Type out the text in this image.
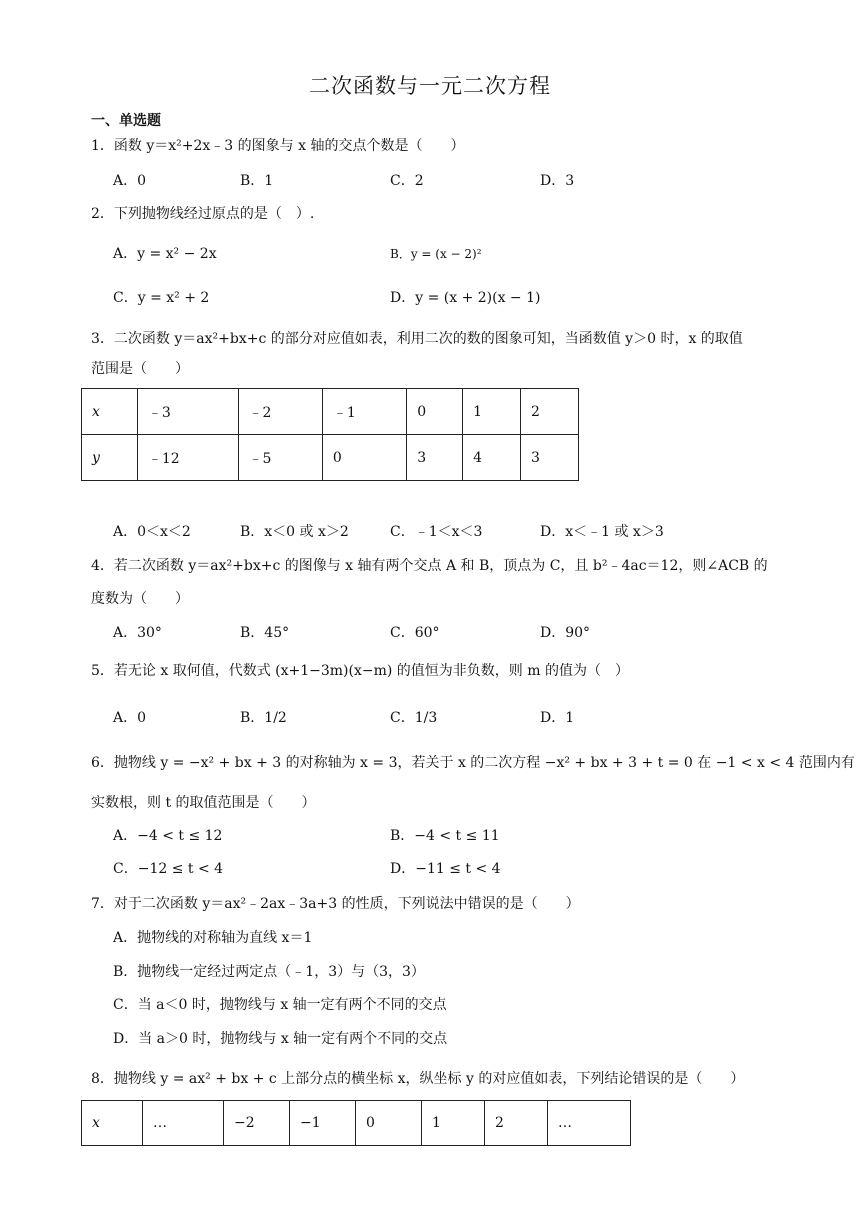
二次函数与一元二次方程
一、单选题
1．函数 y＝x²+2x﹣3 的图象与 x 轴的交点个数是（　　）
A．0	B．1	C．2	D．3
2．下列抛物线经过原点的是（　）.
A．y = x² − 2x	B．y = (x − 2)²
C．y = x² + 2	D．y = (x + 2)(x − 1)
3．二次函数 y＝ax²+bx+c 的部分对应值如表，利用二次的数的图象可知，当函数值 y＞0 时，x 的取值
范围是（　　）
x	﹣3	﹣2	﹣1	0	1	2
y	﹣12	﹣5	0	3	4	3
A．0＜x＜2	B．x＜0 或 x＞2	C．﹣1＜x＜3	D．x＜﹣1 或 x＞3
4．若二次函数 y＝ax²+bx+c 的图像与 x 轴有两个交点 A 和 B，顶点为 C，且 b²﹣4ac＝12，则∠ACB 的
度数为（　　）
A．30°	B．45°	C．60°	D．90°
5．若无论 x 取何值，代数式 (x+1−3m)(x−m) 的值恒为非负数，则 m 的值为（　）
A．0	B．1/2	C．1/3	D．1
6．抛物线 y = −x² + bx + 3 的对称轴为 x = 3，若关于 x 的二次方程 −x² + bx + 3 + t = 0 在 −1 < x < 4 范围内有
实数根，则 t 的取值范围是（　　）
A．−4 < t ≤ 12	B．−4 < t ≤ 11
C．−12 ≤ t < 4	D．−11 ≤ t < 4
7．对于二次函数 y＝ax²﹣2ax﹣3a+3 的性质，下列说法中错误的是（　　）
A．抛物线的对称轴为直线 x＝1
B．抛物线一定经过两定点（﹣1，3）与（3，3）
C．当 a＜0 时，抛物线与 x 轴一定有两个不同的交点
D．当 a＞0 时，抛物线与 x 轴一定有两个不同的交点
8．抛物线 y = ax² + bx + c 上部分点的横坐标 x，纵坐标 y 的对应值如表，下列结论错误的是（　　）
x	…	−2	−1	0	1	2	…
